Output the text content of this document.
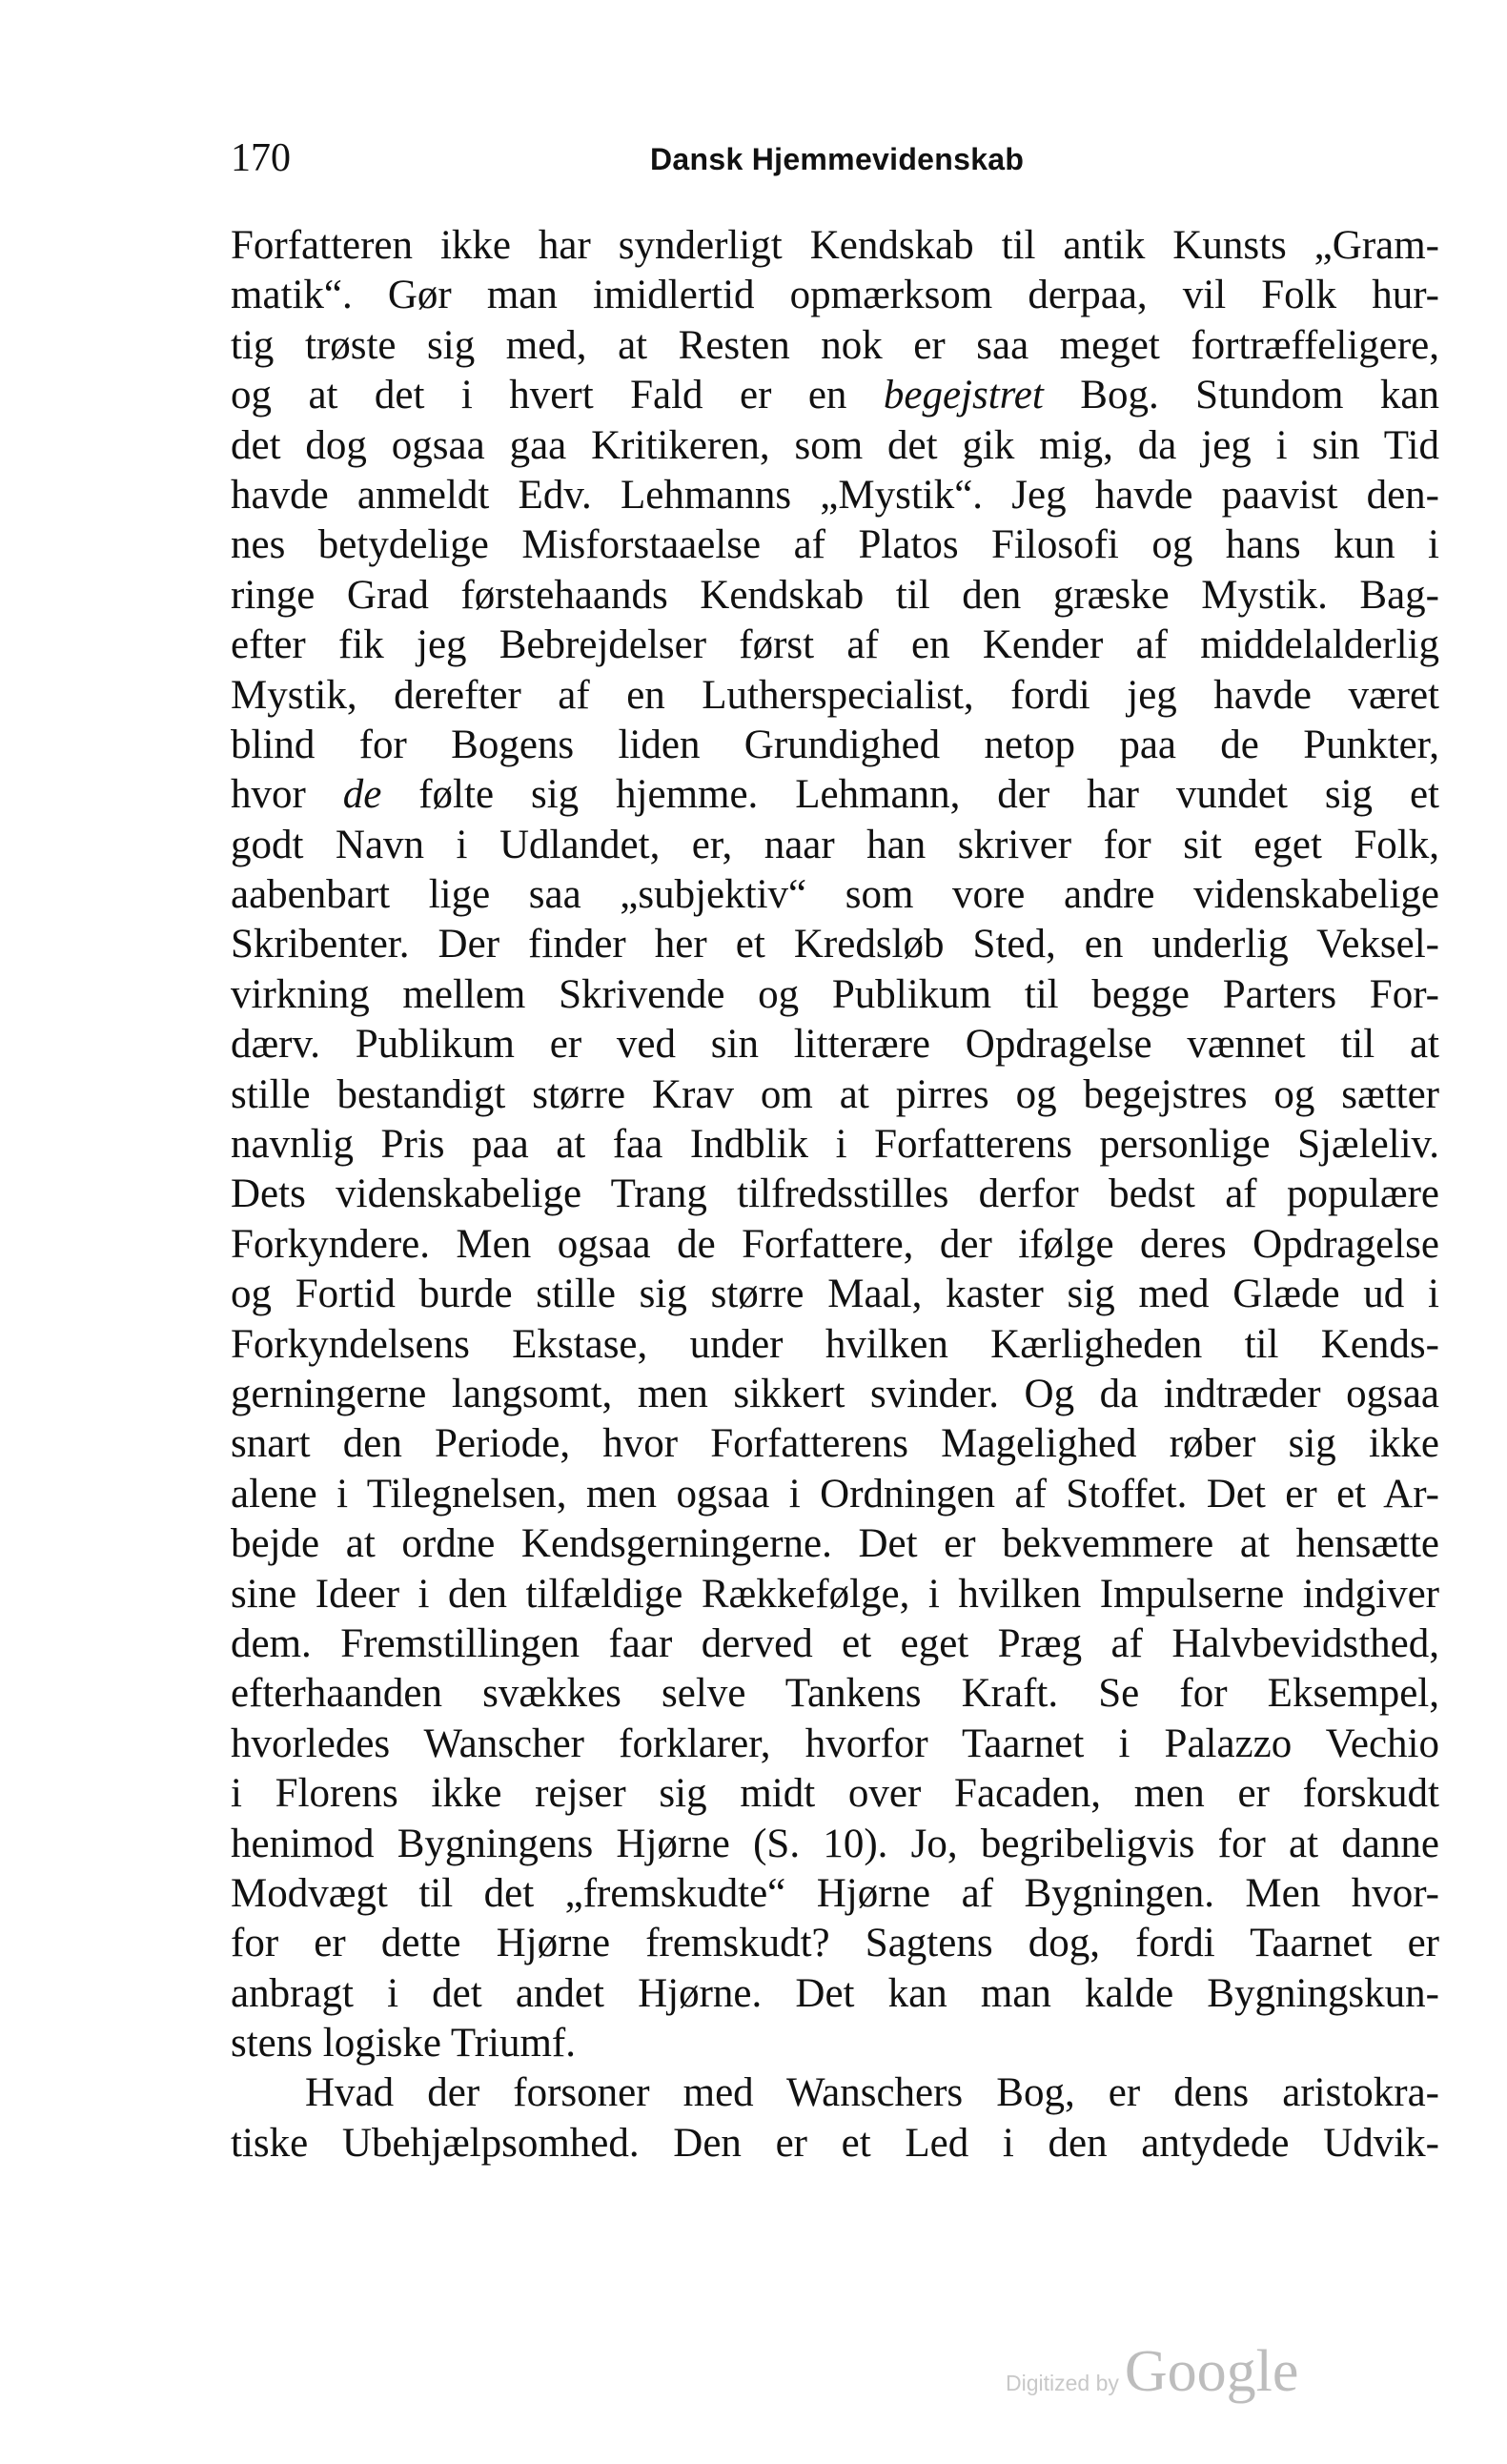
170	Dansk Hjemmevidenskab
Forfatteren ikke har synderligt Kendskab til antik Kunsts „Gram-
matik“. Gør man imidlertid opmærksom derpaa, vil Folk hur-
tig trøste sig med, at Resten nok er saa meget fortræffeligere,
og at det i hvert Fald er en begejstret Bog. Stundom kan
det dog ogsaa gaa Kritikeren, som det gik mig, da jeg i sin Tid
havde anmeldt Edv. Lehmanns „Mystik“. Jeg havde paavist den-
nes betydelige Misforstaaelse af Platos Filosofi og hans kun i
ringe Grad førstehaands Kendskab til den græske Mystik. Bag-
efter fik jeg Bebrejdelser først af en Kender af middelalderlig
Mystik, derefter af en Lutherspecialist, fordi jeg havde været
blind for Bogens liden Grundighed netop paa de Punkter,
hvor de følte sig hjemme. Lehmann, der har vundet sig et
godt Navn i Udlandet, er, naar han skriver for sit eget Folk,
aabenbart lige saa „subjektiv“ som vore andre videnskabelige
Skribenter. Der finder her et Kredsløb Sted, en underlig Veksel-
virkning mellem Skrivende og Publikum til begge Parters For-
dærv. Publikum er ved sin litterære Opdragelse vænnet til at
stille bestandigt større Krav om at pirres og begejstres og sætter
navnlig Pris paa at faa Indblik i Forfatterens personlige Sjæleliv.
Dets videnskabelige Trang tilfredsstilles derfor bedst af populære
Forkyndere. Men ogsaa de Forfattere, der ifølge deres Opdragelse
og Fortid burde stille sig større Maal, kaster sig med Glæde ud i
Forkyndelsens Ekstase, under hvilken Kærligheden til Kends-
gerningerne langsomt, men sikkert svinder. Og da indtræder ogsaa
snart den Periode, hvor Forfatterens Magelighed røber sig ikke
alene i Tilegnelsen, men ogsaa i Ordningen af Stoffet. Det er et Ar-
bejde at ordne Kendsgerningerne. Det er bekvemmere at hensætte
sine Ideer i den tilfældige Rækkefølge, i hvilken Impulserne indgiver
dem. Fremstillingen faar derved et eget Præg af Halvbevidsthed,
efterhaanden svækkes selve Tankens Kraft. Se for Eksempel,
hvorledes Wanscher forklarer, hvorfor Taarnet i Palazzo Vechio
i Florens ikke rejser sig midt over Facaden, men er forskudt
henimod Bygningens Hjørne (S. 10). Jo, begribeligvis for at danne
Modvægt til det „fremskudte“ Hjørne af Bygningen. Men hvor-
for er dette Hjørne fremskudt? Sagtens dog, fordi Taarnet er
anbragt i det andet Hjørne. Det kan man kalde Bygningskun-
stens logiske Triumf.
Hvad der forsoner med Wanschers Bog, er dens aristokra-
tiske Ubehjælpsomhed. Den er et Led i den antydede Udvik-
Digitized by Google
